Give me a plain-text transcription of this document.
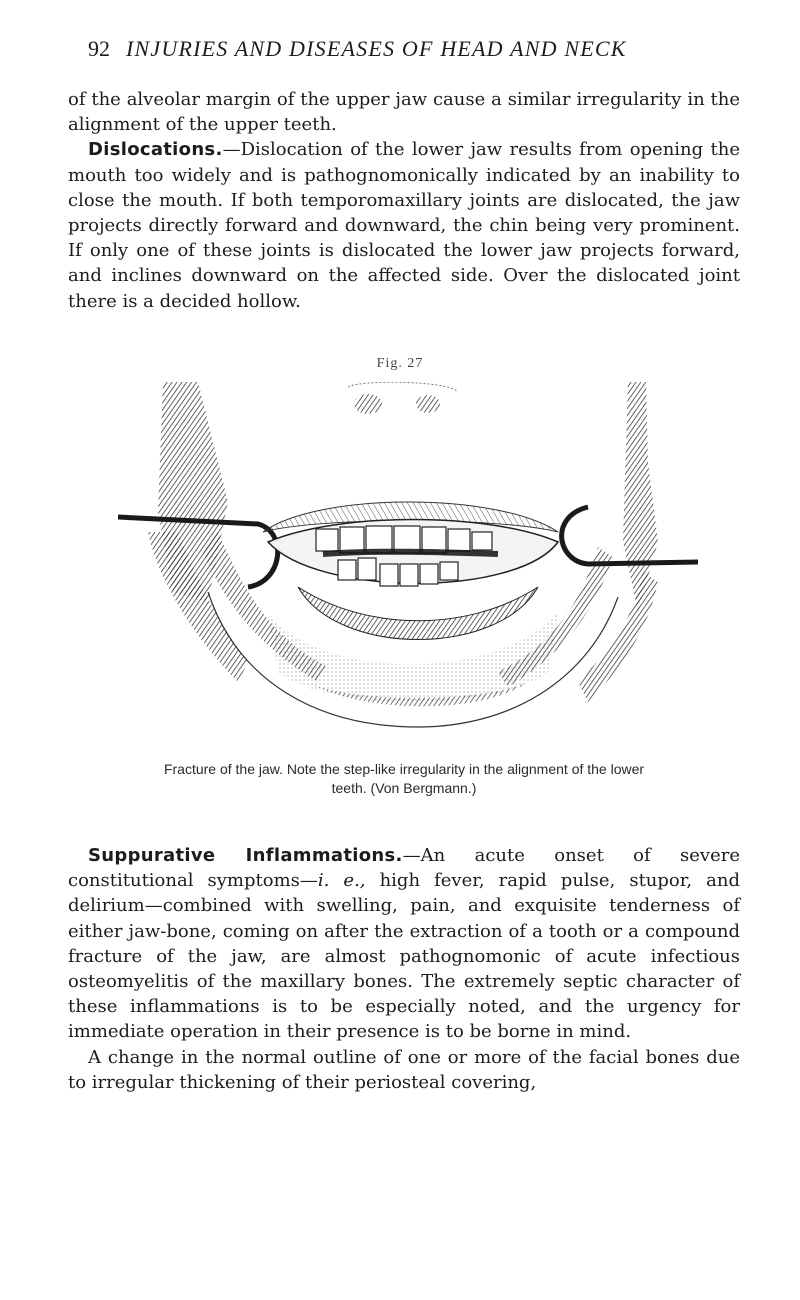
92 INJURIES AND DISEASES OF HEAD AND NECK

of the alveolar margin of the upper jaw cause a similar irregularity in the alignment of the upper teeth.

Dislocations.—Dislocation of the lower jaw results from opening the mouth too widely and is pathognomonically indicated by an inability to close the mouth. If both temporomaxillary joints are dislocated, the jaw projects directly forward and downward, the chin being very prominent. If only one of these joints is dislocated the lower jaw projects forward, and inclines downward on the affected side. Over the dislocated joint there is a decided hollow.

Fig. 27
Fracture of the jaw. Note the step-like irregularity in the alignment of the lower
teeth. (Von Bergmann.)

Suppurative Inflammations.—An acute onset of severe constitutional symptoms—i. e., high fever, rapid pulse, stupor, and delirium—combined with swelling, pain, and exquisite tenderness of either jaw-bone, coming on after the extraction of a tooth or a compound fracture of the jaw, are almost pathognomonic of acute infectious osteomyelitis of the maxillary bones. The extremely septic character of these inflammations is to be especially noted, and the urgency for immediate operation in their presence is to be borne in mind.

A change in the normal outline of one or more of the facial bones due to irregular thickening of their periosteal covering,
